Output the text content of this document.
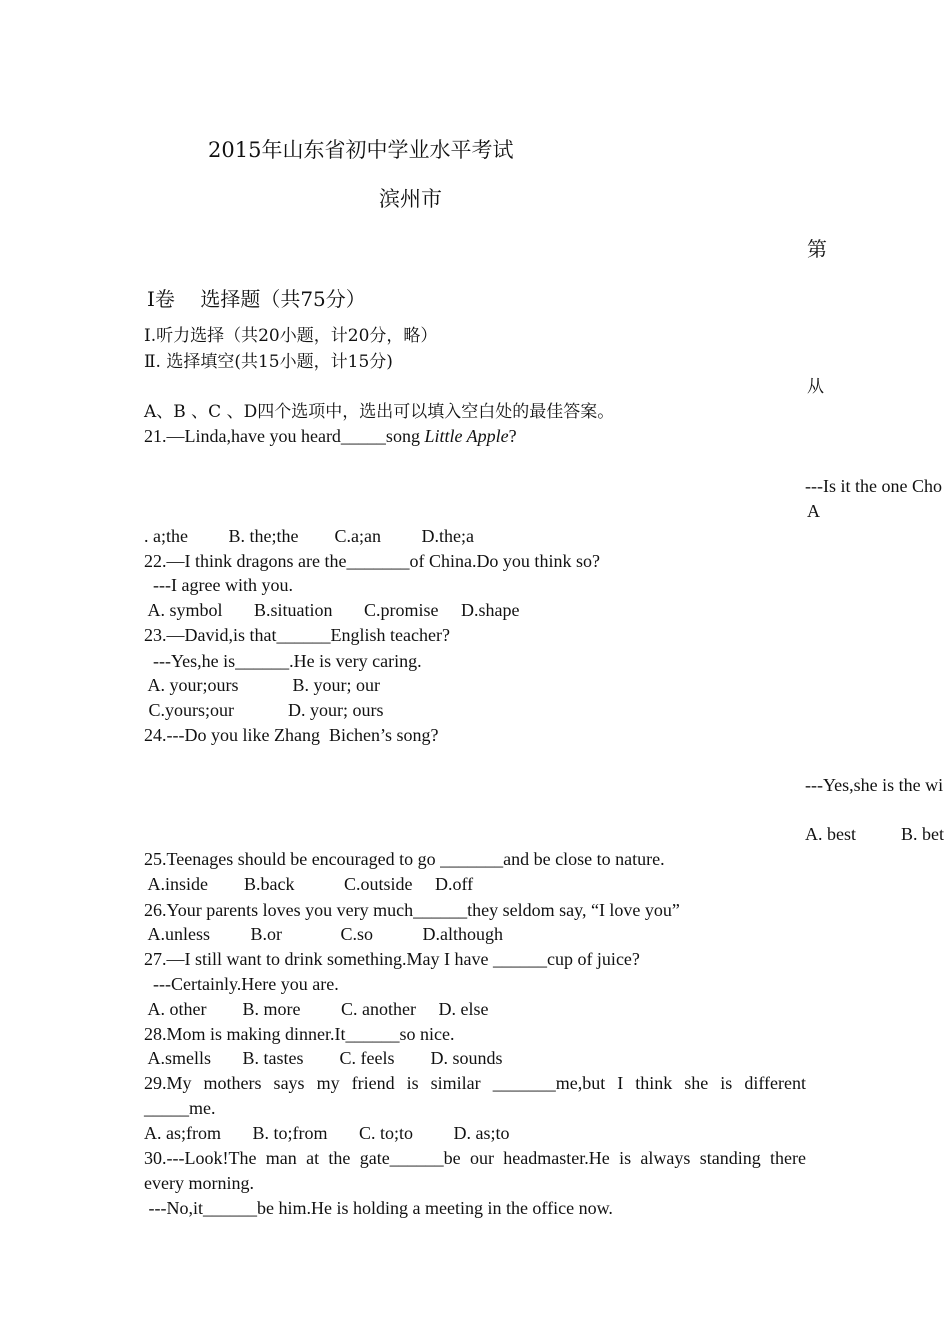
2015年山东省初中学业水平考试
滨州市
第
Ⅰ卷    选择题（共75分）
I.听力选择（共20小题，计20分，略）
Ⅱ. 选择填空(共15小题，计15分)
从
A、B 、C 、D四个选项中，选出可以填入空白处的最佳答案。
21.—Linda,have you heard_____song Little Apple?
---Is it the one Cho
A
. a;the         B. the;the        C.a;an         D.the;a
22.—I think dragons are the_______of China.Do you think so?
---I agree with you.
A. symbol       B.situation       C.promise     D.shape
23.—David,is that______English teacher?
---Yes,he is______.He is very caring.
A. your;ours            B. your; our
C.yours;our            D. your; ours
24.---Do you like Zhang  Bichen’s song?
---Yes,she is the wi
A. best          B. bet
25.Teenages should be encouraged to go _______and be close to nature.
A.inside        B.back           C.outside     D.off
26.Your parents loves you very much______they seldom say, “I love you”
A.unless         B.or             C.so           D.although
27.—I still want to drink something.May I have ______cup of juice?
---Certainly.Here you are.
A. other        B. more         C. another     D. else
28.Mom is making dinner.It______so nice.
A.smells       B. tastes        C. feels        D. sounds
29.My mothers says my friend is similar _______me,but I think she is different
_____me.
A. as;from       B. to;from       C. to;to         D. as;to
30.---Look!The man at the gate______be our headmaster.He is always standing there
every morning.
---No,it______be him.He is holding a meeting in the office now.
